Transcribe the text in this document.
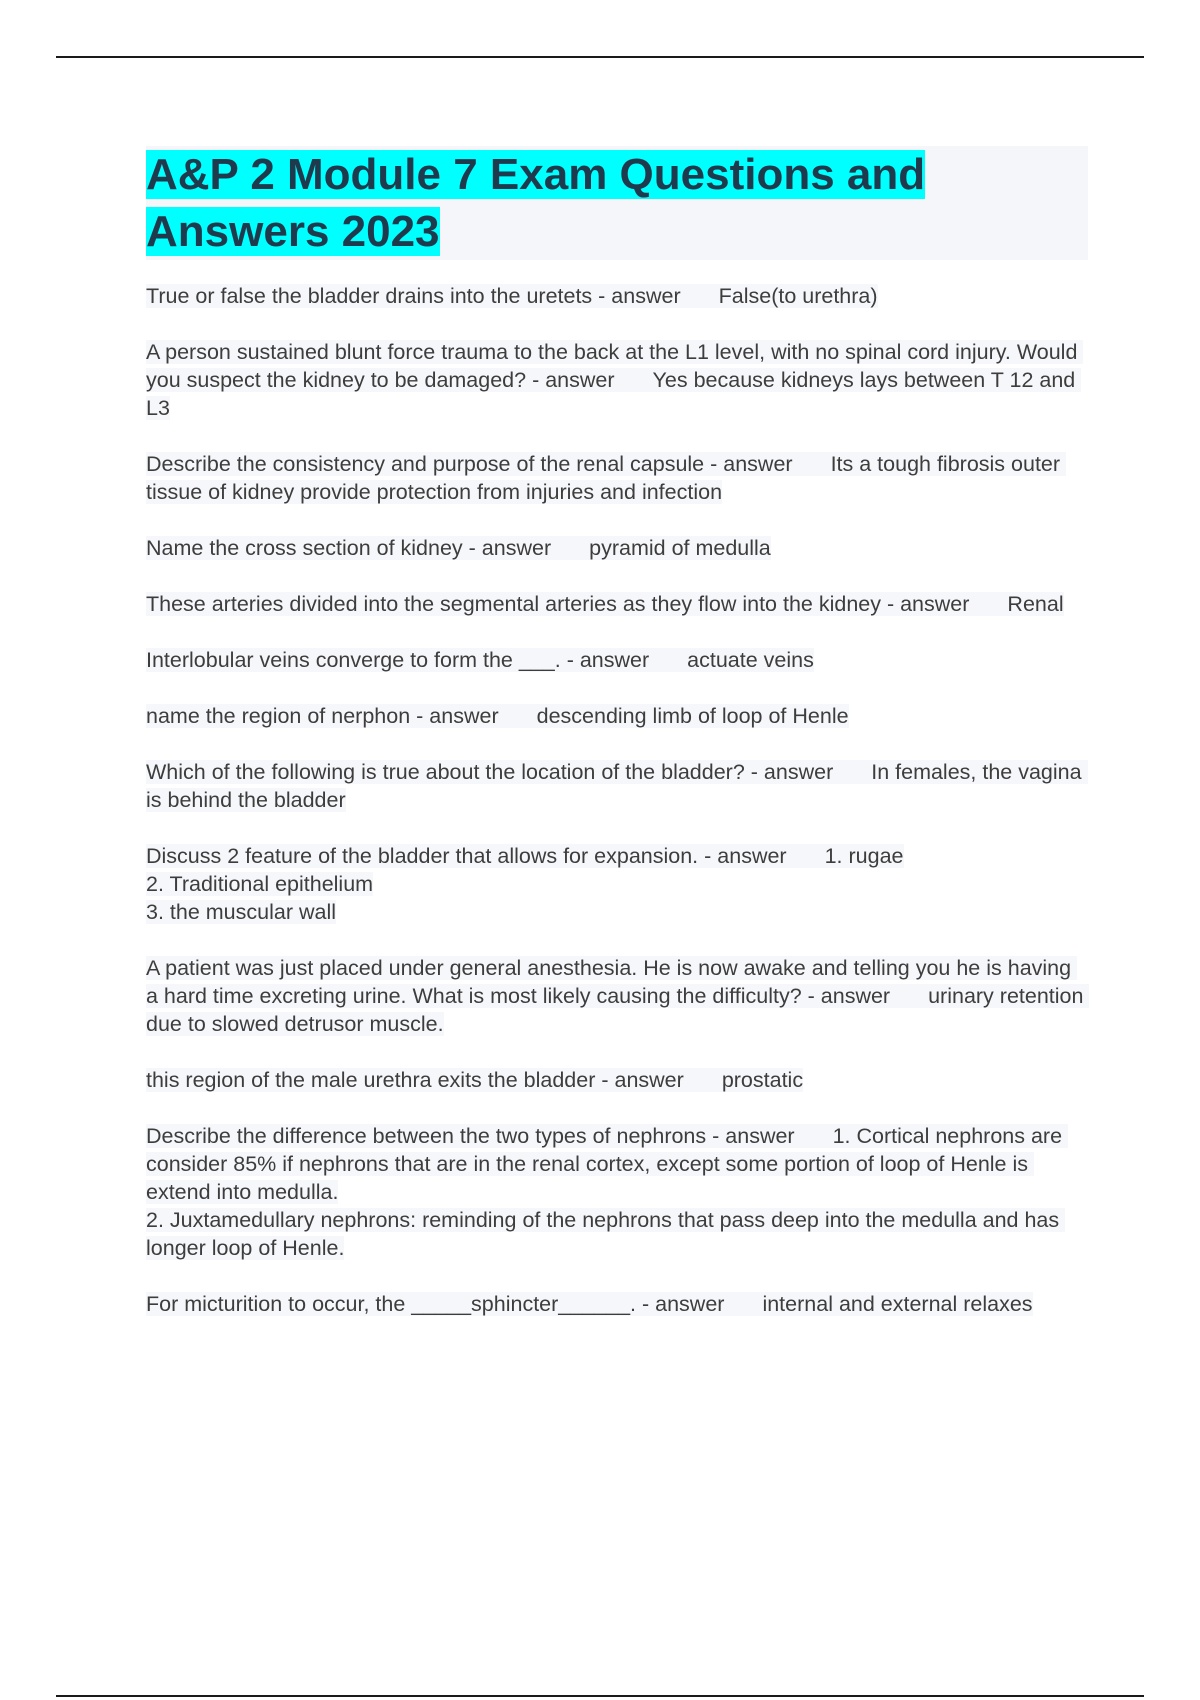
A&P 2 Module 7 Exam Questions and Answers 2023

True or false the bladder drains into the uretets - answer False(to urethra)

A person sustained blunt force trauma to the back at the L1 level, with no spinal cord injury. Would you suspect the kidney to be damaged? - answer Yes because kidneys lays between T 12 and L3

Describe the consistency and purpose of the renal capsule - answer Its a tough fibrosis outer tissue of kidney provide protection from injuries and infection

Name the cross section of kidney - answer pyramid of medulla

These arteries divided into the segmental arteries as they flow into the kidney - answer Renal

Interlobular veins converge to form the ___. - answer actuate veins

name the region of nerphon - answer descending limb of loop of Henle

Which of the following is true about the location of the bladder? - answer In females, the vagina is behind the bladder

Discuss 2 feature of the bladder that allows for expansion. - answer 1. rugae
2. Traditional epithelium
3. the muscular wall

A patient was just placed under general anesthesia. He is now awake and telling you he is having a hard time excreting urine. What is most likely causing the difficulty? - answer urinary retention due to slowed detrusor muscle.

this region of the male urethra exits the bladder - answer prostatic

Describe the difference between the two types of nephrons - answer 1. Cortical nephrons are consider 85% if nephrons that are in the renal cortex, except some portion of loop of Henle is extend into medulla.
2. Juxtamedullary nephrons: reminding of the nephrons that pass deep into the medulla and has longer loop of Henle.

For micturition to occur, the _____sphincter______. - answer internal and external relaxes
